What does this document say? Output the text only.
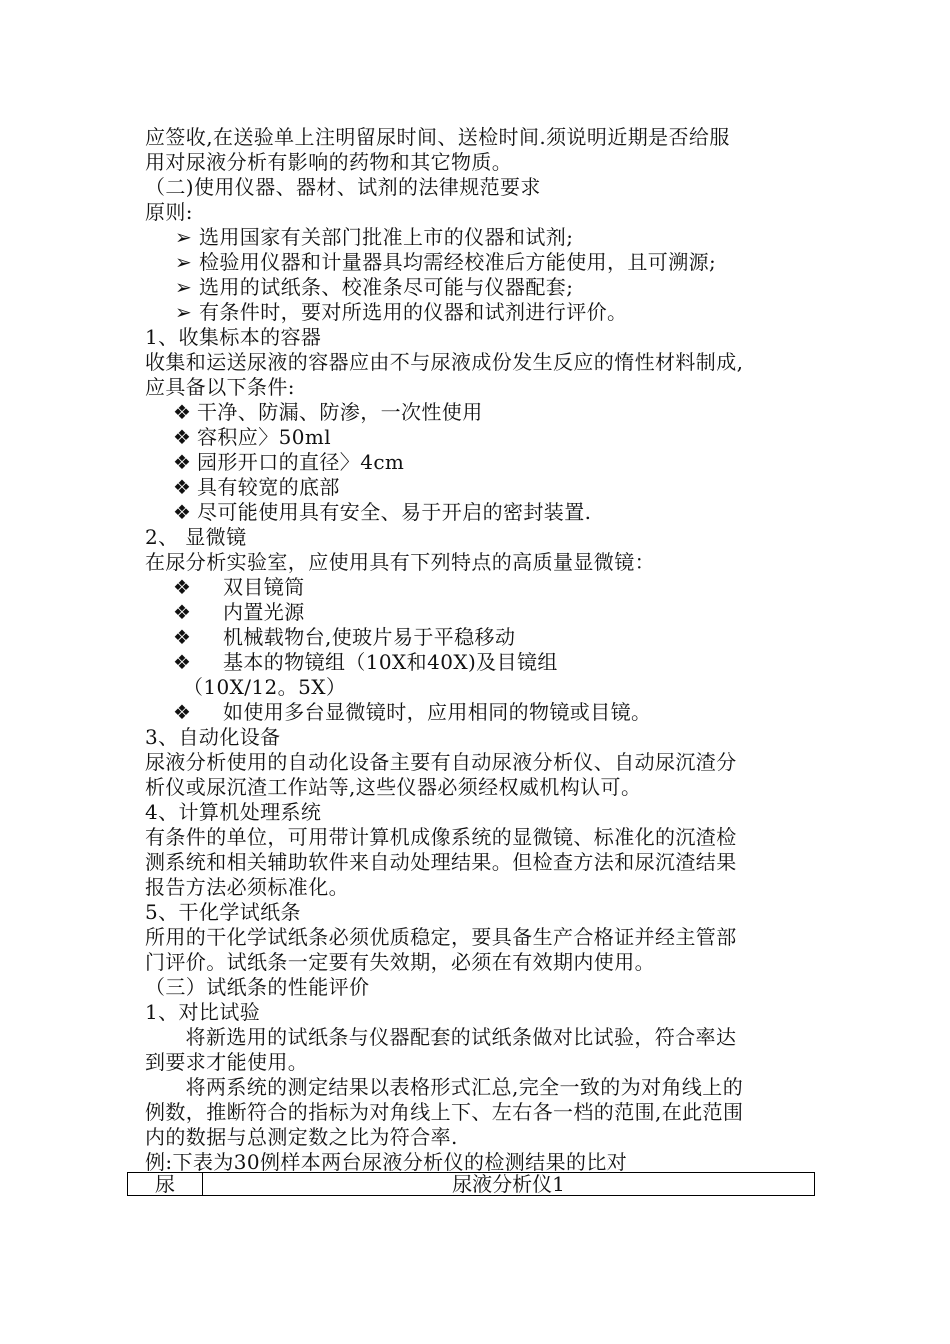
应签收,在送验单上注明留尿时间、送检时间.须说明近期是否给服
用对尿液分析有影响的药物和其它物质。
（二)使用仪器、器材、试剂的法律规范要求
原则:
➢ 选用国家有关部门批准上市的仪器和试剂;
➢ 检验用仪器和计量器具均需经校准后方能使用，且可溯源;
➢ 选用的试纸条、校准条尽可能与仪器配套;
➢ 有条件时，要对所选用的仪器和试剂进行评价。
1、收集标本的容器
收集和运送尿液的容器应由不与尿液成份发生反应的惰性材料制成,
应具备以下条件:
❖ 干净、防漏、防渗，一次性使用
❖ 容积应〉50ml
❖ 园形开口的直径〉4cm
❖ 具有较宽的底部
❖ 尽可能使用具有安全、易于开启的密封装置.
2、 显微镜
在尿分析实验室，应使用具有下列特点的高质量显微镜：
❖ 双目镜筒
❖ 内置光源
❖ 机械载物台,使玻片易于平稳移动
❖ 基本的物镜组（10X和40X)及目镜组
（10X/12。5X）
❖ 如使用多台显微镜时，应用相同的物镜或目镜。
3、自动化设备
尿液分析使用的自动化设备主要有自动尿液分析仪、自动尿沉渣分
析仪或尿沉渣工作站等,这些仪器必须经权威机构认可。
4、计算机处理系统
有条件的单位，可用带计算机成像系统的显微镜、标准化的沉渣检
测系统和相关辅助软件来自动处理结果。但检查方法和尿沉渣结果
报告方法必须标准化。
5、干化学试纸条
所用的干化学试纸条必须优质稳定，要具备生产合格证并经主管部
门评价。试纸条一定要有失效期，必须在有效期内使用。
（三）试纸条的性能评价
1、对比试验
将新选用的试纸条与仪器配套的试纸条做对比试验，符合率达
到要求才能使用。
将两系统的测定结果以表格形式汇总,完全一致的为对角线上的
例数，推断符合的指标为对角线上下、左右各一档的范围,在此范围
内的数据与总测定数之比为符合率.
例:下表为30例样本两台尿液分析仪的检测结果的比对
尿	尿液分析仪1
